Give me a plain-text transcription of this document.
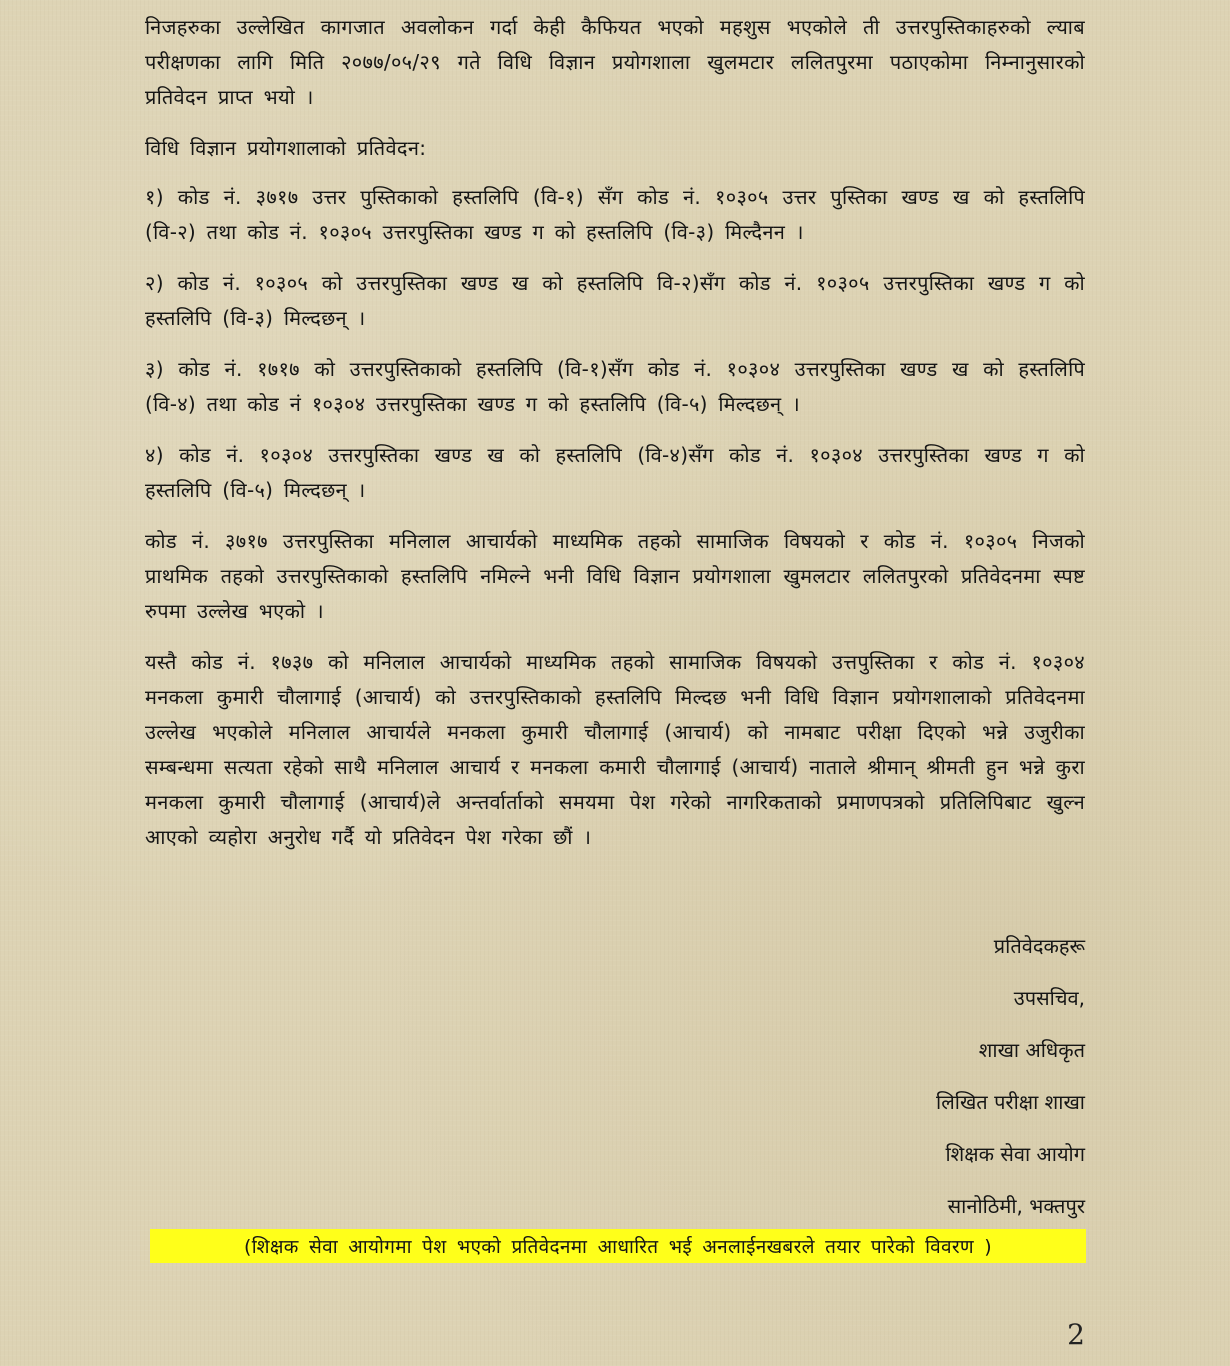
निजहरुका उल्लेखित कागजात अवलोकन गर्दा केही कैफियत भएको महशुस भएकोले ती उत्तरपुस्तिकाहरुको ल्याब परीक्षणका लागि मिति २०७७/०५/२९ गते विधि विज्ञान प्रयोगशाला खुलमटार ललितपुरमा पठाएकोमा निम्नानुसारको प्रतिवेदन प्राप्त भयो ।

विधि विज्ञान प्रयोगशालाको प्रतिवेदन:

१) कोड नं. ३७१७ उत्तर पुस्तिकाको हस्तलिपि (वि-१) सँग कोड नं. १०३०५ उत्तर पुस्तिका खण्ड ख को हस्तलिपि (वि-२) तथा कोड नं. १०३०५ उत्तरपुस्तिका खण्ड ग को हस्तलिपि (वि-३) मिल्दैनन ।

२) कोड नं. १०३०५ को उत्तरपुस्तिका खण्ड ख को हस्तलिपि वि-२)सँग कोड नं. १०३०५ उत्तरपुस्तिका खण्ड ग को हस्तलिपि (वि-३) मिल्दछन् ।

३) कोड नं. १७१७ को उत्तरपुस्तिकाको हस्तलिपि (वि-१)सँग कोड नं. १०३०४ उत्तरपुस्तिका खण्ड ख को हस्तलिपि (वि-४) तथा कोड नं १०३०४ उत्तरपुस्तिका खण्ड ग को हस्तलिपि (वि-५) मिल्दछन् ।

४) कोड नं. १०३०४ उत्तरपुस्तिका खण्ड ख को हस्तलिपि (वि-४)सँग कोड नं. १०३०४ उत्तरपुस्तिका खण्ड ग को हस्तलिपि (वि-५) मिल्दछन् ।

कोड नं. ३७१७ उत्तरपुस्तिका मनिलाल आचार्यको माध्यमिक तहको सामाजिक विषयको र कोड नं. १०३०५ निजको प्राथमिक तहको उत्तरपुस्तिकाको हस्तलिपि नमिल्ने भनी विधि विज्ञान प्रयोगशाला खुमलटार ललितपुरको प्रतिवेदनमा स्पष्ट रुपमा उल्लेख भएको ।

यस्तै कोड नं. १७३७ को मनिलाल आचार्यको माध्यमिक तहको सामाजिक विषयको उत्तपुस्तिका र कोड नं. १०३०४ मनकला कुमारी चौलागाई (आचार्य) को उत्तरपुस्तिकाको हस्तलिपि मिल्दछ भनी विधि विज्ञान प्रयोगशालाको प्रतिवेदनमा उल्लेख भएकोले मनिलाल आचार्यले मनकला कुमारी चौलागाई (आचार्य) को नामबाट परीक्षा दिएको भन्ने उजुरीका सम्बन्धमा सत्यता रहेको साथै मनिलाल आचार्य र मनकला कमारी चौलागाई (आचार्य) नाताले श्रीमान् श्रीमती हुन भन्ने कुरा मनकला कुमारी चौलागाई (आचार्य)ले अन्तर्वार्ताको समयमा पेश गरेको नागरिकताको प्रमाणपत्रको प्रतिलिपिबाट खुल्न आएको व्यहोरा अनुरोध गर्दै यो प्रतिवेदन पेश गरेका छौं ।

प्रतिवेदकहरू
उपसचिव,
शाखा अधिकृत
लिखित परीक्षा शाखा
शिक्षक सेवा आयोग
सानोठिमी, भक्तपुर
(शिक्षक सेवा आयोगमा पेश भएको प्रतिवेदनमा आधारित भई अनलाईनखबरले तयार पारेको विवरण )
2
